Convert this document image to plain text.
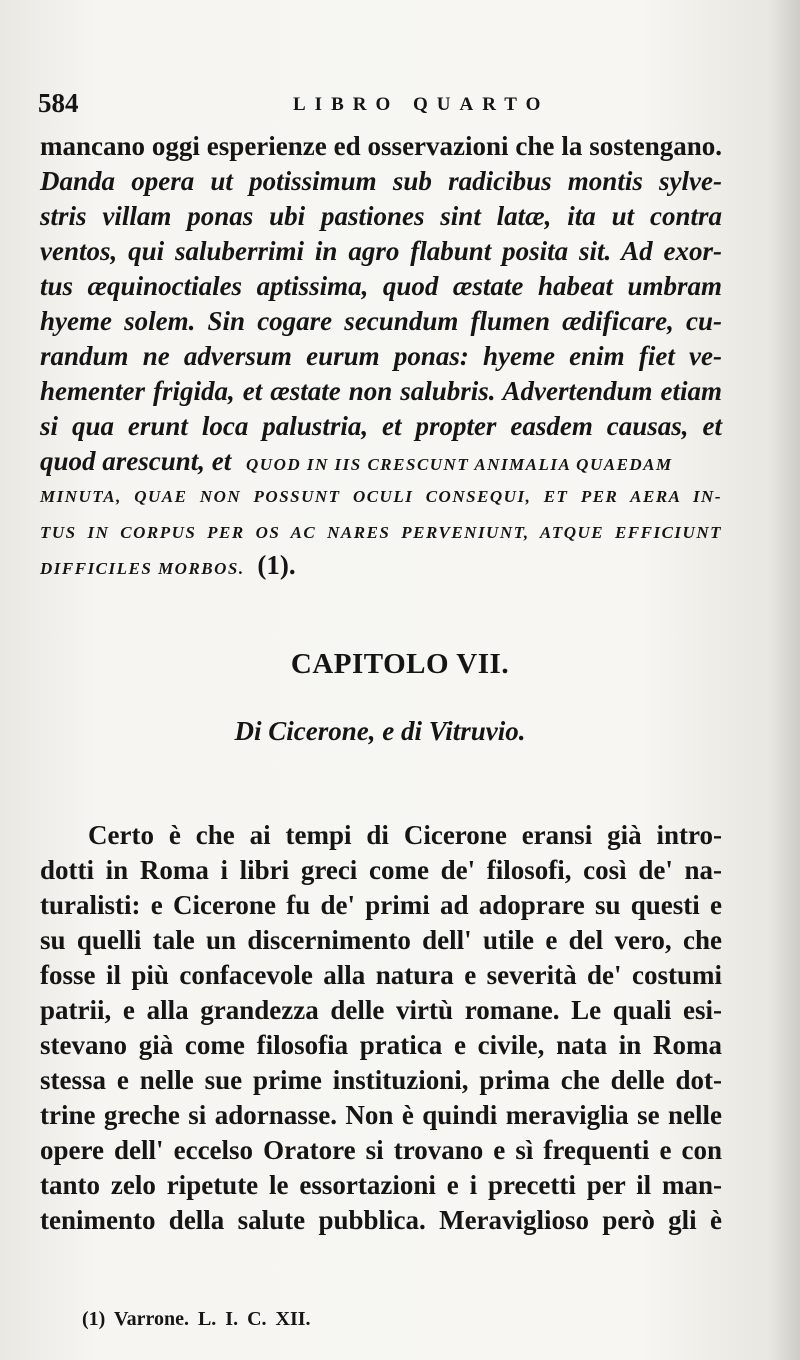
584	LIBRO QUARTO
mancano oggi esperienze ed osservazioni che la sostengano.
Danda opera ut potissimum sub radicibus montis sylve-
stris villam ponas ubi pastiones sint latæ, ita ut contra
ventos, qui saluberrimi in agro flabunt posita sit. Ad exor-
tus æquinoctiales aptissima, quod æstate habeat umbram
hyeme solem. Sin cogare secundum flumen ædificare, cu-
randum ne adversum eurum ponas: hyeme enim fiet ve-
hementer frigida, et æstate non salubris. Advertendum etiam
si qua erunt loca palustria, et propter easdem causas, et
quod arescunt, et QUOD IN IIS CRESCUNT ANIMALIA QUAEDAM
MINUTA, QUAE NON POSSUNT OCULI CONSEQUI, ET PER AERA IN-
TUS IN CORPUS PER OS AC NARES PERVENIUNT, ATQUE EFFICIUNT
DIFFICILES MORBOS. (1).
CAPITOLO VII.
Di Cicerone, e di Vitruvio.
Certo è che ai tempi di Cicerone eransi già intro-
dotti in Roma i libri greci come de' filosofi, così de' na-
turalisti: e Cicerone fu de' primi ad adoprare su questi e
su quelli tale un discernimento dell' utile e del vero, che
fosse il più confacevole alla natura e severità de' costumi
patrii, e alla grandezza delle virtù romane. Le quali esi-
stevano già come filosofia pratica e civile, nata in Roma
stessa e nelle sue prime instituzioni, prima che delle dot-
trine greche si adornasse. Non è quindi meraviglia se nelle
opere dell' eccelso Oratore si trovano e sì frequenti e con
tanto zelo ripetute le essortazioni e i precetti per il man-
tenimento della salute pubblica. Meraviglioso però gli è
(1) Varrone. L. I. C. XII.
